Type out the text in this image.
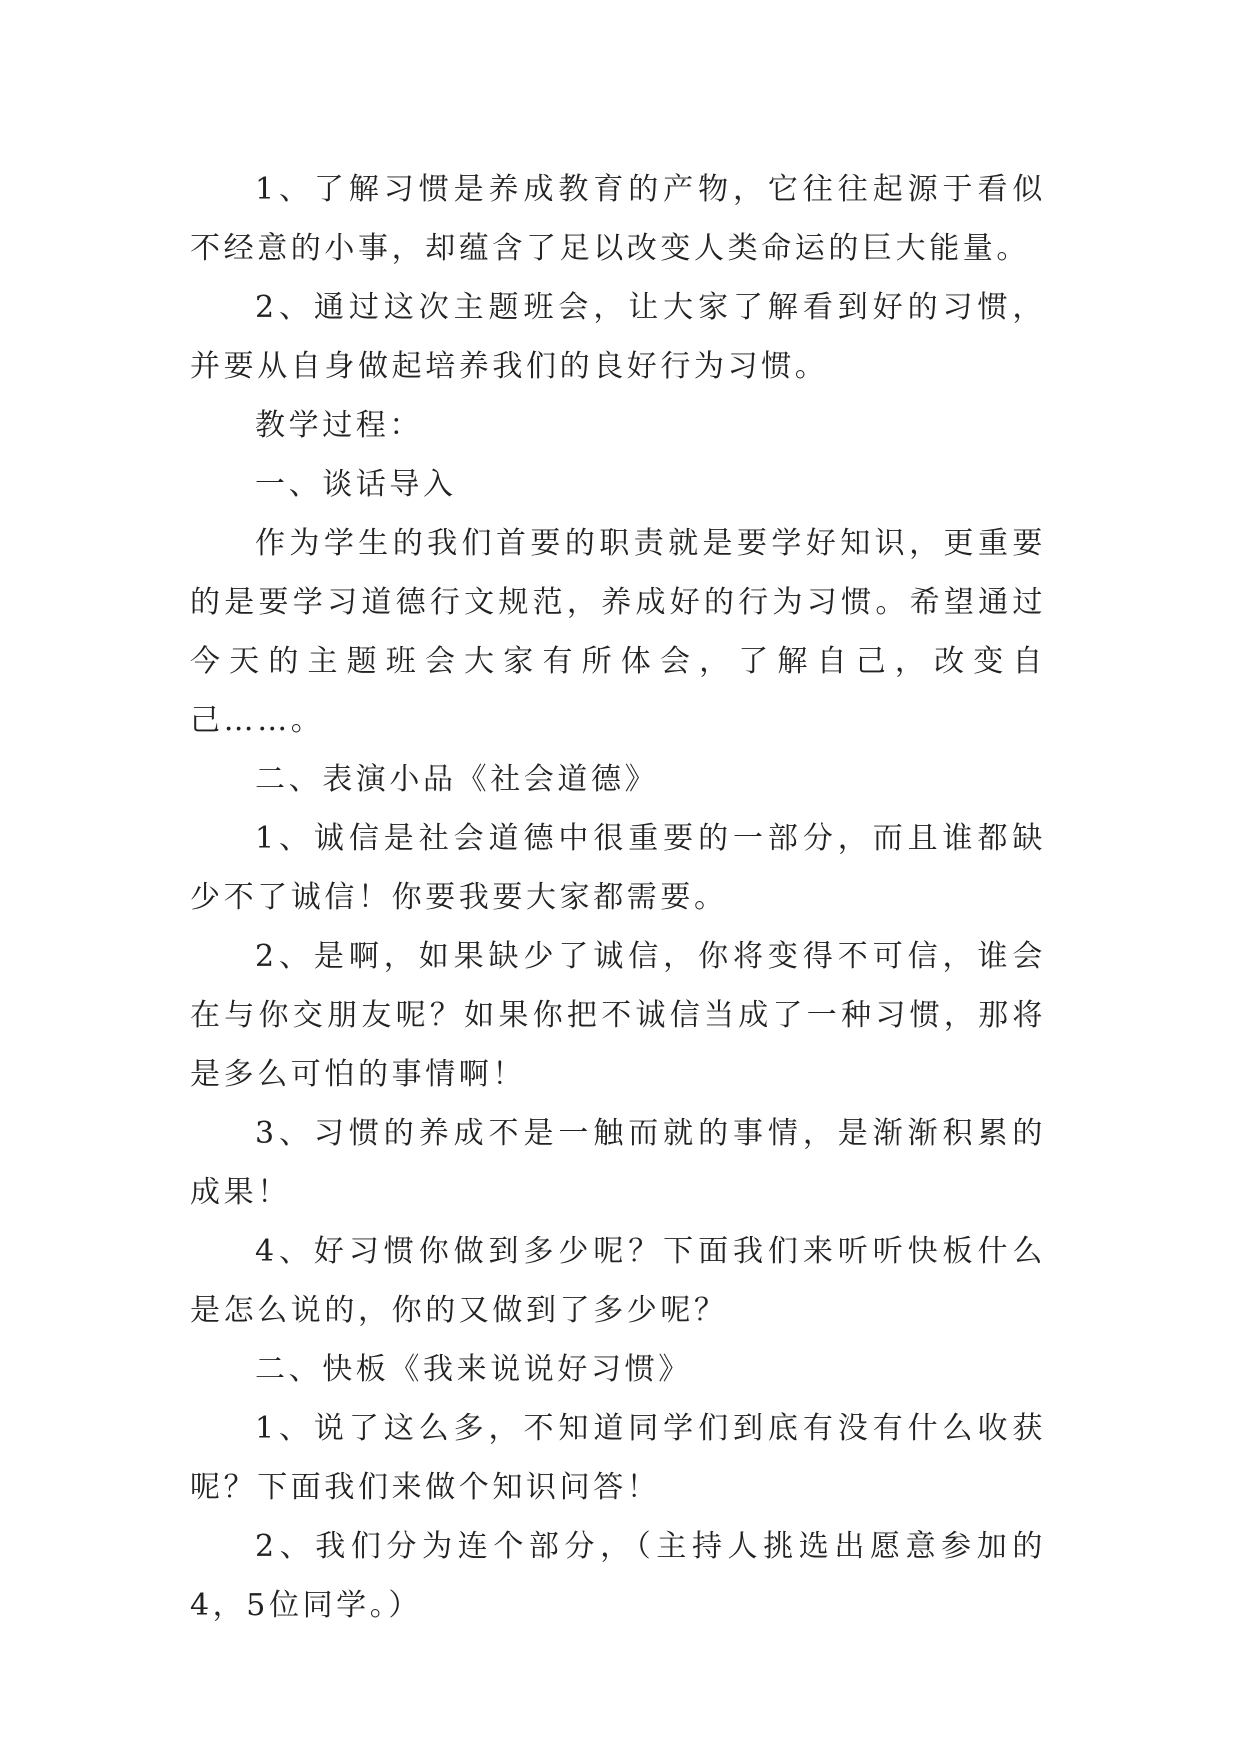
1、了解习惯是养成教育的产物，它往往起源于看似不经意的小事，却蕴含了足以改变人类命运的巨大能量。

2、通过这次主题班会，让大家了解看到好的习惯，并要从自身做起培养我们的良好行为习惯。

教学过程：

一、谈话导入

作为学生的我们首要的职责就是要学好知识，更重要的是要学习道德行文规范，养成好的行为习惯。希望通过今天的主题班会大家有所体会，了解自己，改变自己……。

二、表演小品《社会道德》

1、诚信是社会道德中很重要的一部分，而且谁都缺少不了诚信！你要我要大家都需要。

2、是啊，如果缺少了诚信，你将变得不可信，谁会在与你交朋友呢？如果你把不诚信当成了一种习惯，那将是多么可怕的事情啊！

3、习惯的养成不是一触而就的事情，是渐渐积累的成果！

4、好习惯你做到多少呢？下面我们来听听快板什么是怎么说的，你的又做到了多少呢？

二、快板《我来说说好习惯》

1、说了这么多，不知道同学们到底有没有什么收获呢？下面我们来做个知识问答！

2、我们分为连个部分，（主持人挑选出愿意参加的4，5位同学。）
